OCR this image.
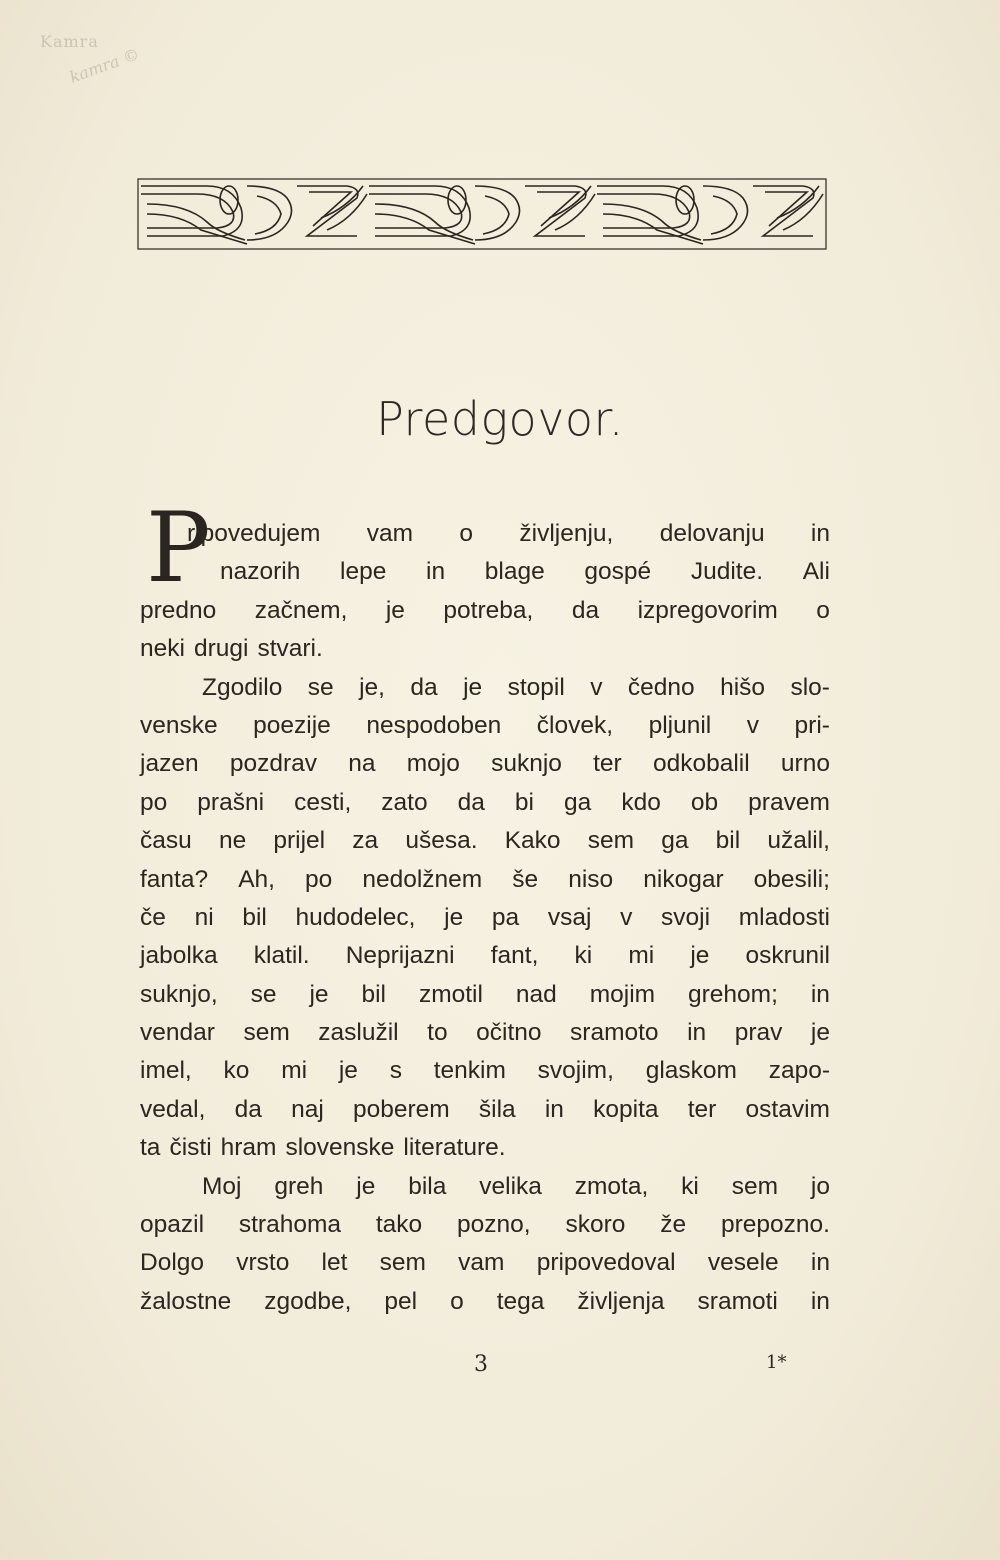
Kamra
kamra ©
Predgovor.
P
ripovedujem vam o življenju, delovanju in
nazorih lepe in blage gospé Judite. Ali
predno začnem, je potreba, da izpregovorim o
neki drugi stvari.
Zgodilo se je, da je stopil v čedno hišo slo-
venske poezije nespodoben človek, pljunil v pri-
jazen pozdrav na mojo suknjo ter odkobalil urno
po prašni cesti, zato da bi ga kdo ob pravem
času ne prijel za ušesa. Kako sem ga bil užalil,
fanta? Ah, po nedolžnem še niso nikogar obesili;
če ni bil hudodelec, je pa vsaj v svoji mladosti
jabolka klatil. Neprijazni fant, ki mi je oskrunil
suknjo, se je bil zmotil nad mojim grehom; in
vendar sem zaslužil to očitno sramoto in prav je
imel, ko mi je s tenkim svojim, glaskom zapo-
vedal, da naj poberem šila in kopita ter ostavim
ta čisti hram slovenske literature.
Moj greh je bila velika zmota, ki sem jo
opazil strahoma tako pozno, skoro že prepozno.
Dolgo vrsto let sem vam pripovedoval vesele in
žalostne zgodbe, pel o tega življenja sramoti in
3	1*
